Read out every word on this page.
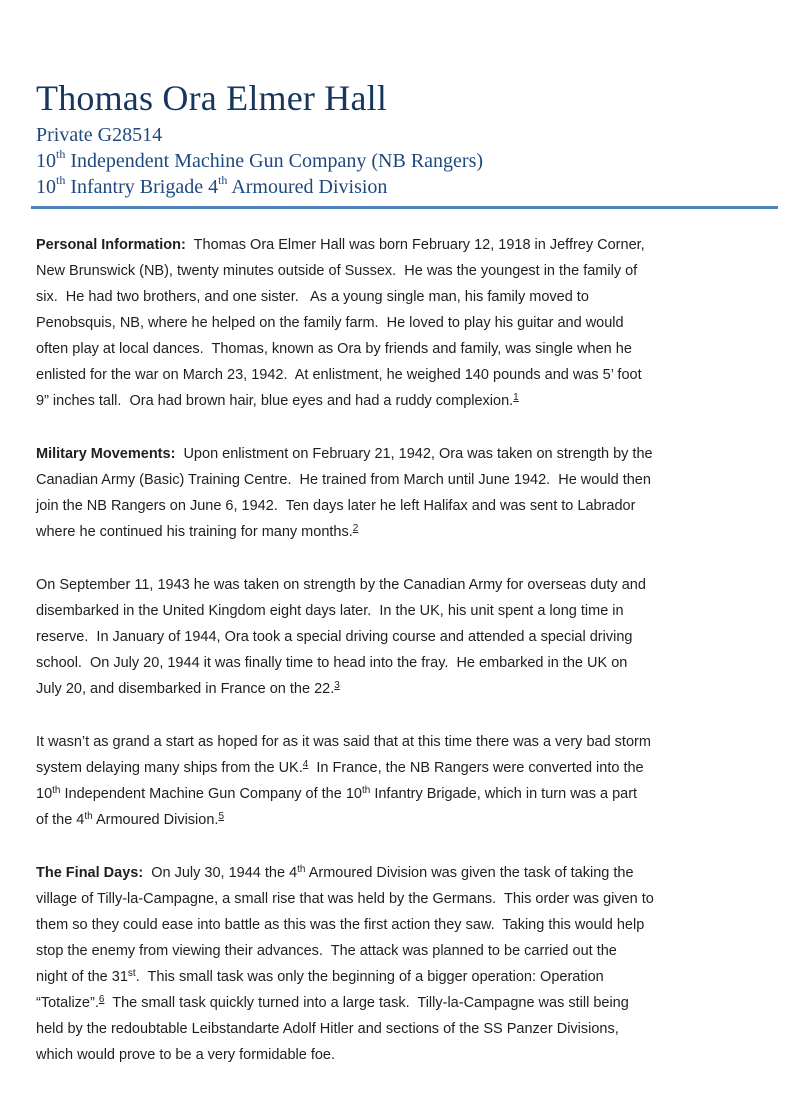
Thomas Ora Elmer Hall
Private G28514
10th Independent Machine Gun Company (NB Rangers)
10th Infantry Brigade 4th Armoured Division

Personal Information:  Thomas Ora Elmer Hall was born February 12, 1918 in Jeffrey Corner,
New Brunswick (NB), twenty minutes outside of Sussex.  He was the youngest in the family of
six.  He had two brothers, and one sister.   As a young single man, his family moved to
Penobsquis, NB, where he helped on the family farm.  He loved to play his guitar and would
often play at local dances.  Thomas, known as Ora by friends and family, was single when he
enlisted for the war on March 23, 1942.  At enlistment, he weighed 140 pounds and was 5’ foot
9” inches tall.  Ora had brown hair, blue eyes and had a ruddy complexion.$^1$

Military Movements:  Upon enlistment on February 21, 1942, Ora was taken on strength by the
Canadian Army (Basic) Training Centre.  He trained from March until June 1942.  He would then
join the NB Rangers on June 6, 1942.  Ten days later he left Halifax and was sent to Labrador
where he continued his training for many months.$^2$

On September 11, 1943 he was taken on strength by the Canadian Army for overseas duty and
disembarked in the United Kingdom eight days later.  In the UK, his unit spent a long time in
reserve.  In January of 1944, Ora took a special driving course and attended a special driving
school.  On July 20, 1944 it was finally time to head into the fray.  He embarked in the UK on
July 20, and disembarked in France on the 22.$^3$

It wasn’t as grand a start as hoped for as it was said that at this time there was a very bad storm
system delaying many ships from the UK.$^4$  In France, the NB Rangers were converted into the
10th Independent Machine Gun Company of the 10th Infantry Brigade, which in turn was a part
of the 4th Armoured Division.$^5$

The Final Days:  On July 30, 1944 the 4th Armoured Division was given the task of taking the
village of Tilly-la-Campagne, a small rise that was held by the Germans.  This order was given to
them so they could ease into battle as this was the first action they saw.  Taking this would help
stop the enemy from viewing their advances.  The attack was planned to be carried out the
night of the 31st.  This small task was only the beginning of a bigger operation: Operation
“Totalize”.$^6$  The small task quickly turned into a large task.  Tilly-la-Campagne was still being
held by the redoubtable Leibstandarte Adolf Hitler and sections of the SS Panzer Divisions,
which would prove to be a very formidable foe.
